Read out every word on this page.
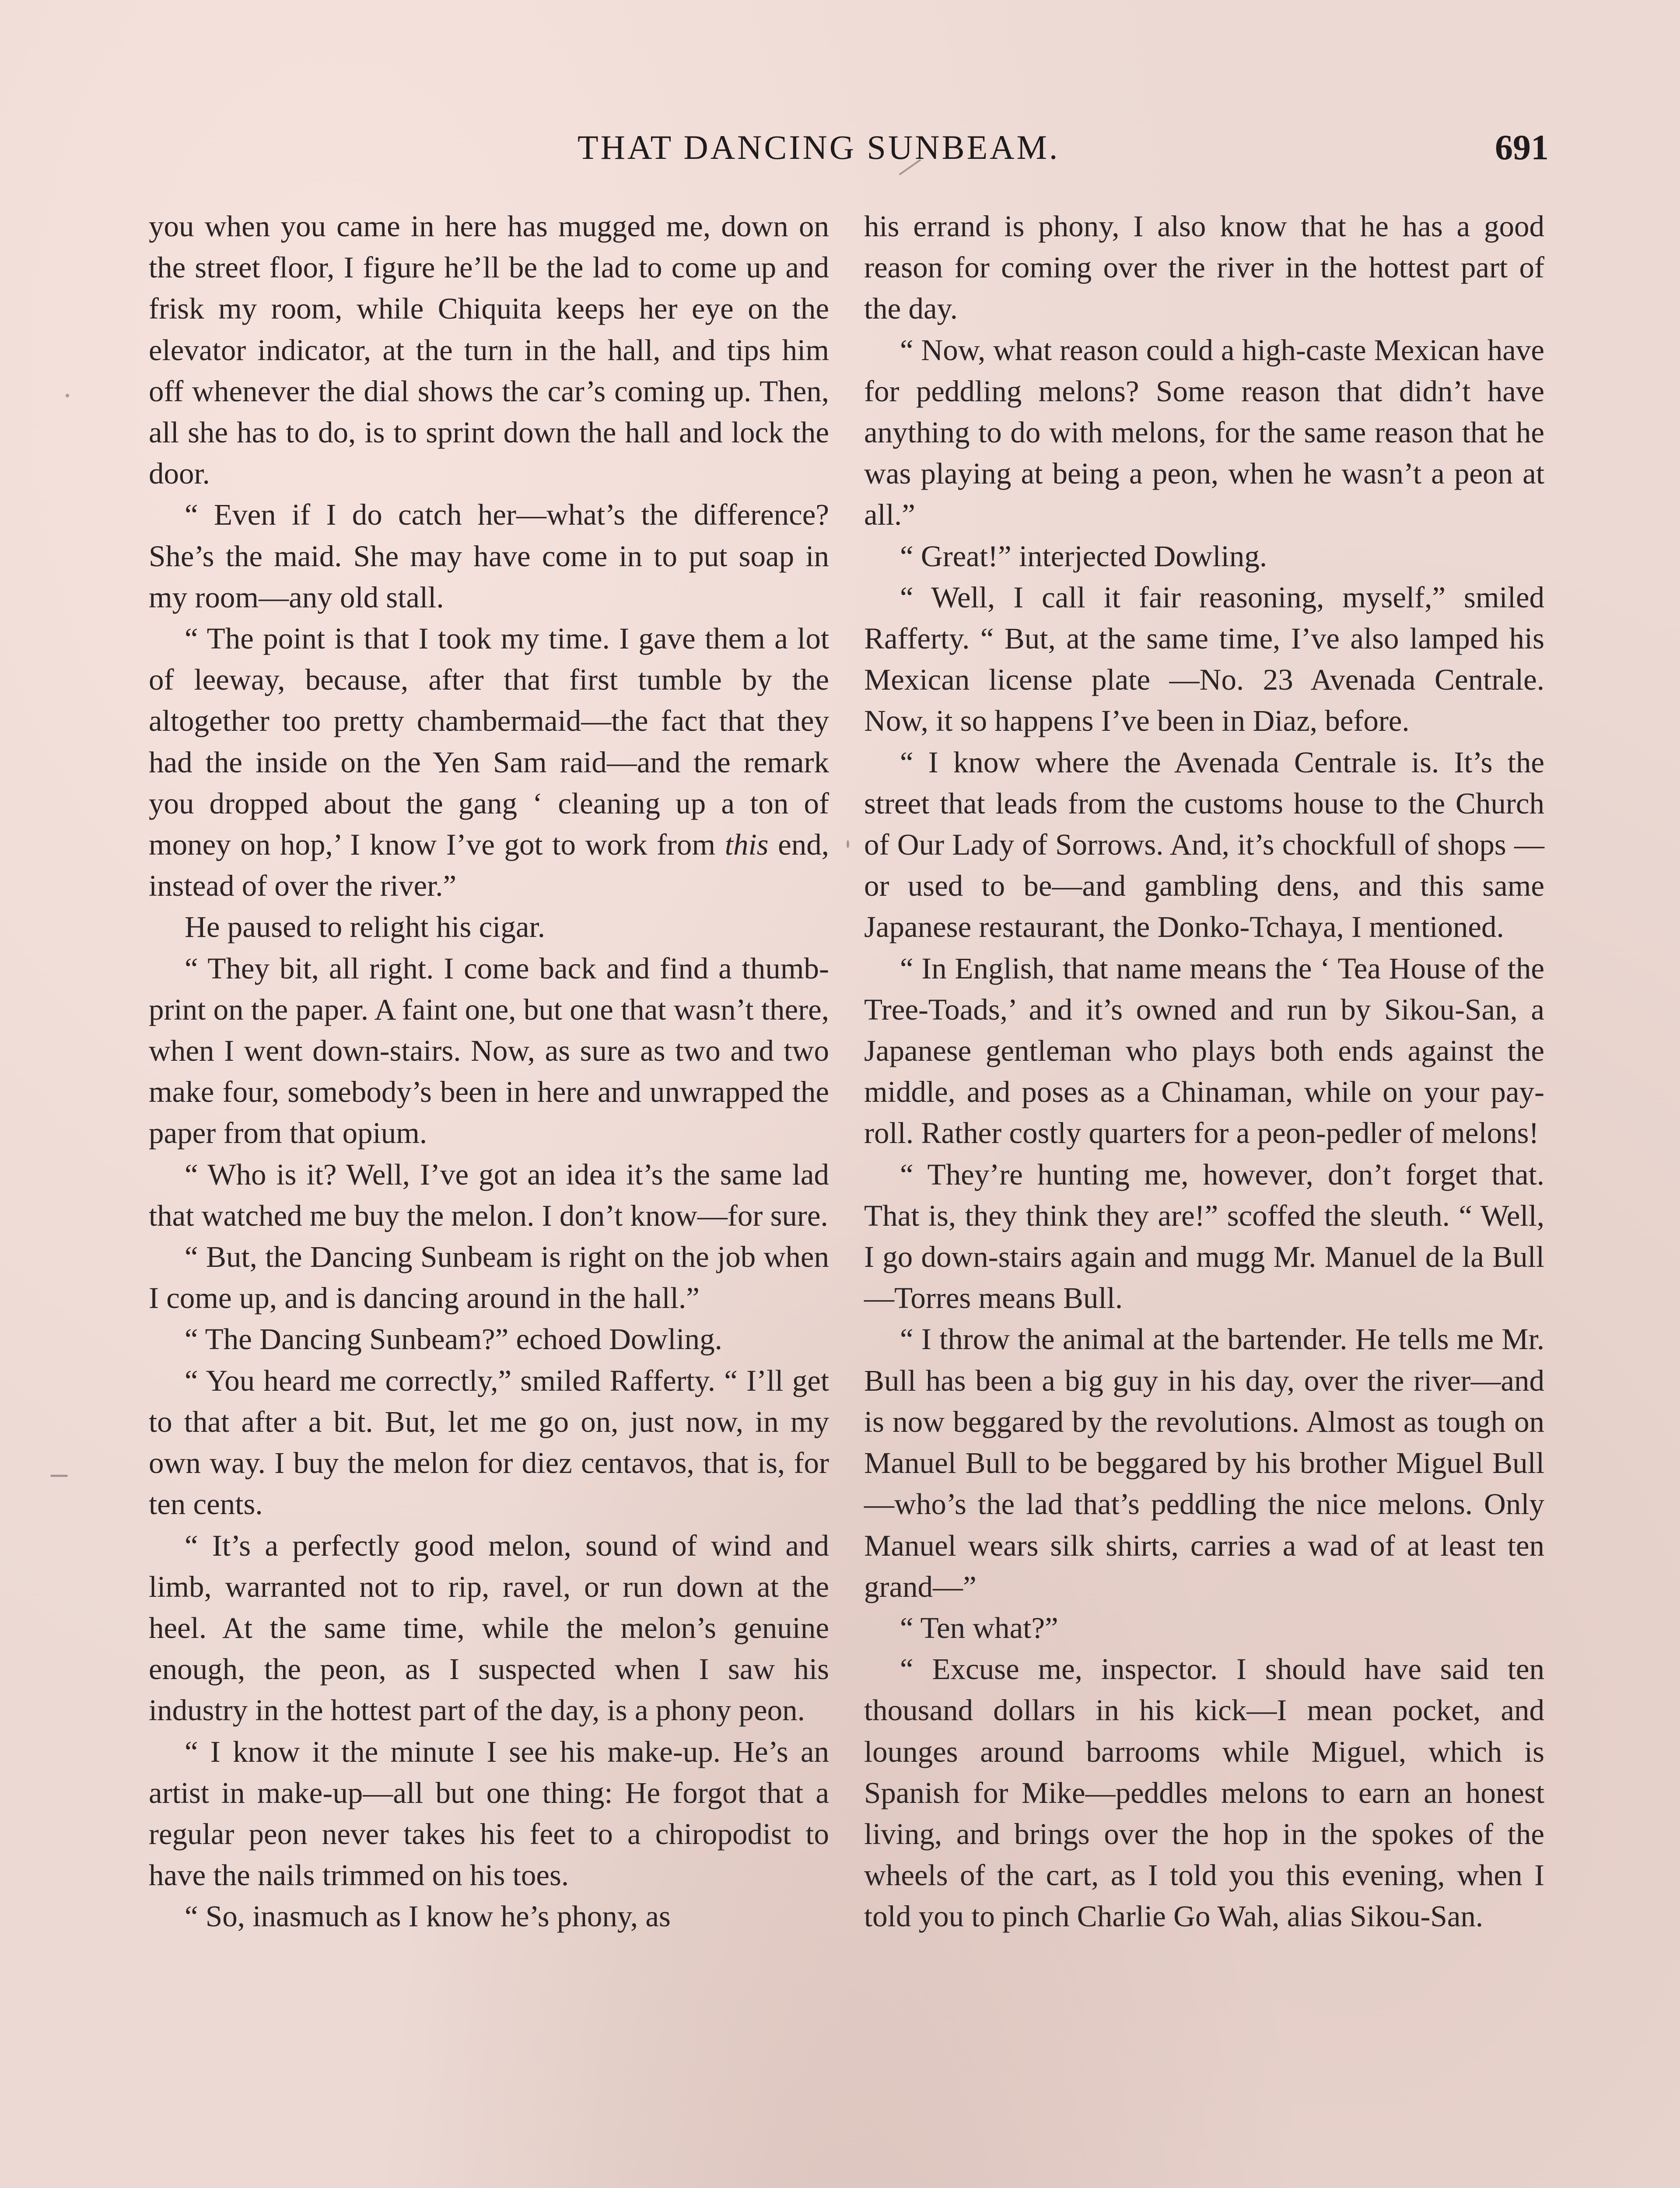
THAT DANCING SUNBEAM.	691

you when you came in here has mugged me, down on the street floor, I figure he’ll be the lad to come up and frisk my room, while Chiquita keeps her eye on the elevator indicator, at the turn in the hall, and tips him off whenever the dial shows the car’s coming up. Then, all she has to do, is to sprint down the hall and lock the door.

“ Even if I do catch her—what’s the difference? She’s the maid. She may have come in to put soap in my room—any old stall.

“ The point is that I took my time. I gave them a lot of leeway, because, after that first tumble by the altogether too pretty chambermaid—the fact that they had the inside on the Yen Sam raid—and the remark you dropped about the gang ‘ cleaning up a ton of money on hop,’ I know I’ve got to work from this end, instead of over the river.”

He paused to relight his cigar.

“ They bit, all right. I come back and find a thumb-print on the paper. A faint one, but one that wasn’t there, when I went down-stairs. Now, as sure as two and two make four, somebody’s been in here and unwrapped the paper from that opium.

“ Who is it? Well, I’ve got an idea it’s the same lad that watched me buy the melon. I don’t know—for sure.

“ But, the Dancing Sunbeam is right on the job when I come up, and is dancing around in the hall.”

“ The Dancing Sunbeam?” echoed Dowling.

“ You heard me correctly,” smiled Rafferty. “ I’ll get to that after a bit. But, let me go on, just now, in my own way. I buy the melon for diez centavos, that is, for ten cents.

“ It’s a perfectly good melon, sound of wind and limb, warranted not to rip, ravel, or run down at the heel. At the same time, while the melon’s genuine enough, the peon, as I suspected when I saw his industry in the hottest part of the day, is a phony peon.

“ I know it the minute I see his make-up. He’s an artist in make-up—all but one thing: He forgot that a regular peon never takes his feet to a chiropodist to have the nails trimmed on his toes.

“ So, inasmuch as I know he’s phony, as

his errand is phony, I also know that he has a good reason for coming over the river in the hottest part of the day.

“ Now, what reason could a high-caste Mexican have for peddling melons? Some reason that didn’t have anything to do with melons, for the same reason that he was playing at being a peon, when he wasn’t a peon at all.”

“ Great!” interjected Dowling.

“ Well, I call it fair reasoning, myself,” smiled Rafferty. “ But, at the same time, I’ve also lamped his Mexican license plate —No. 23 Avenada Centrale. Now, it so happens I’ve been in Diaz, before.

“ I know where the Avenada Centrale is. It’s the street that leads from the customs house to the Church of Our Lady of Sorrows. And, it’s chockfull of shops — or used to be—and gambling dens, and this same Japanese restaurant, the Donko-Tchaya, I mentioned.

“ In English, that name means the ‘ Tea House of the Tree-Toads,’ and it’s owned and run by Sikou-San, a Japanese gentleman who plays both ends against the middle, and poses as a Chinaman, while on your pay-roll. Rather costly quarters for a peon-pedler of melons!

“ They’re hunting me, however, don’t forget that. That is, they think they are!” scoffed the sleuth. “ Well, I go down-stairs again and mugg Mr. Manuel de la Bull—Torres means Bull.

“ I throw the animal at the bartender. He tells me Mr. Bull has been a big guy in his day, over the river—and is now beggared by the revolutions. Almost as tough on Manuel Bull to be beggared by his brother Miguel Bull—who’s the lad that’s peddling the nice melons. Only Manuel wears silk shirts, carries a wad of at least ten grand—”

“ Ten what?”

“ Excuse me, inspector. I should have said ten thousand dollars in his kick—I mean pocket, and lounges around barrooms while Miguel, which is Spanish for Mike—peddles melons to earn an honest living, and brings over the hop in the spokes of the wheels of the cart, as I told you this evening, when I told you to pinch Charlie Go Wah, alias Sikou-San.
